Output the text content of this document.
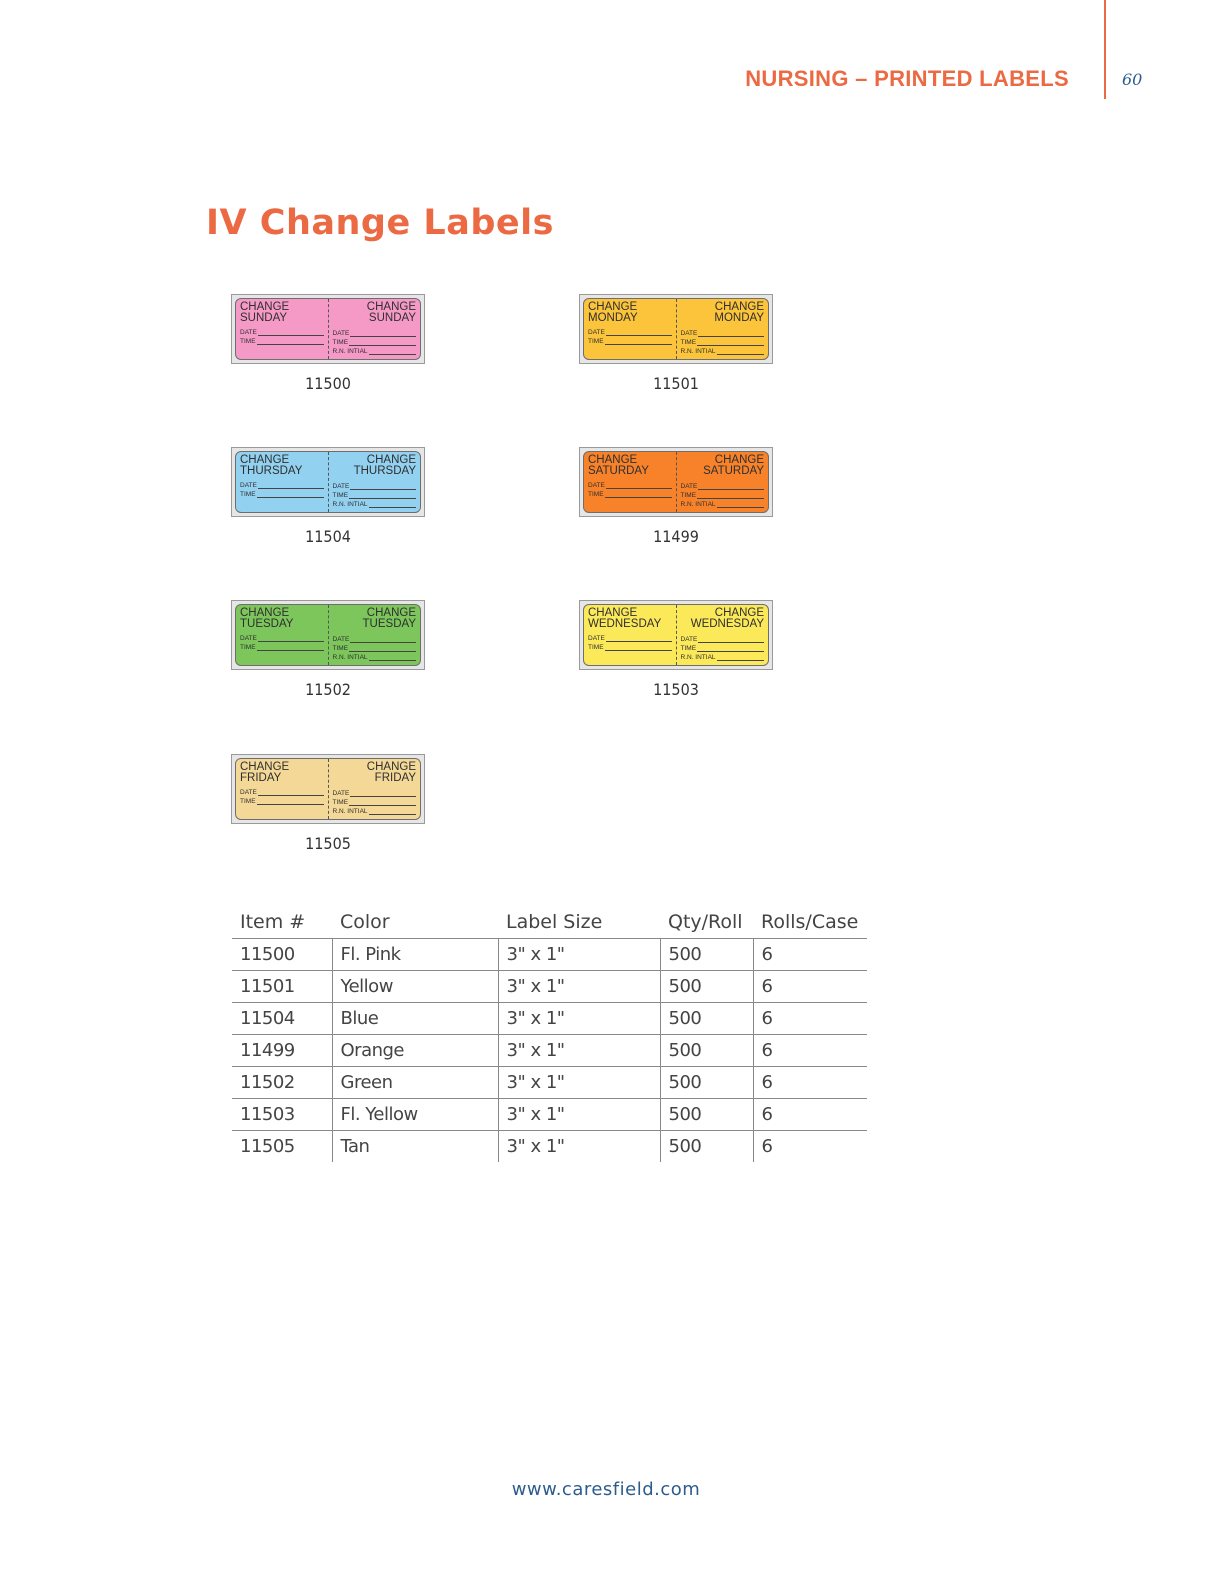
NURSING – PRINTED LABELS	60
IV Change Labels
CHANGE
SUNDAY
DATE
TIME
CHANGE
SUNDAY
DATE
TIME
R.N. INTIAL
11500
CHANGE
MONDAY
DATE
TIME
CHANGE
MONDAY
DATE
TIME
R.N. INTIAL
11501
CHANGE
THURSDAY
DATE
TIME
CHANGE
THURSDAY
DATE
TIME
R.N. INTIAL
11504
CHANGE
SATURDAY
DATE
TIME
CHANGE
SATURDAY
DATE
TIME
R.N. INTIAL
11499
CHANGE
TUESDAY
DATE
TIME
CHANGE
TUESDAY
DATE
TIME
R.N. INTIAL
11502
CHANGE
WEDNESDAY
DATE
TIME
CHANGE
WEDNESDAY
DATE
TIME
R.N. INTIAL
11503
CHANGE
FRIDAY
DATE
TIME
CHANGE
FRIDAY
DATE
TIME
R.N. INTIAL
11505
Item #	Color	Label Size	Qty/Roll	Rolls/Case
11500	Fl. Pink	3" x 1"	500	6
11501	Yellow	3" x 1"	500	6
11504	Blue	3" x 1"	500	6
11499	Orange	3" x 1"	500	6
11502	Green	3" x 1"	500	6
11503	Fl. Yellow	3" x 1"	500	6
11505	Tan	3" x 1"	500	6
www.caresfield.com
